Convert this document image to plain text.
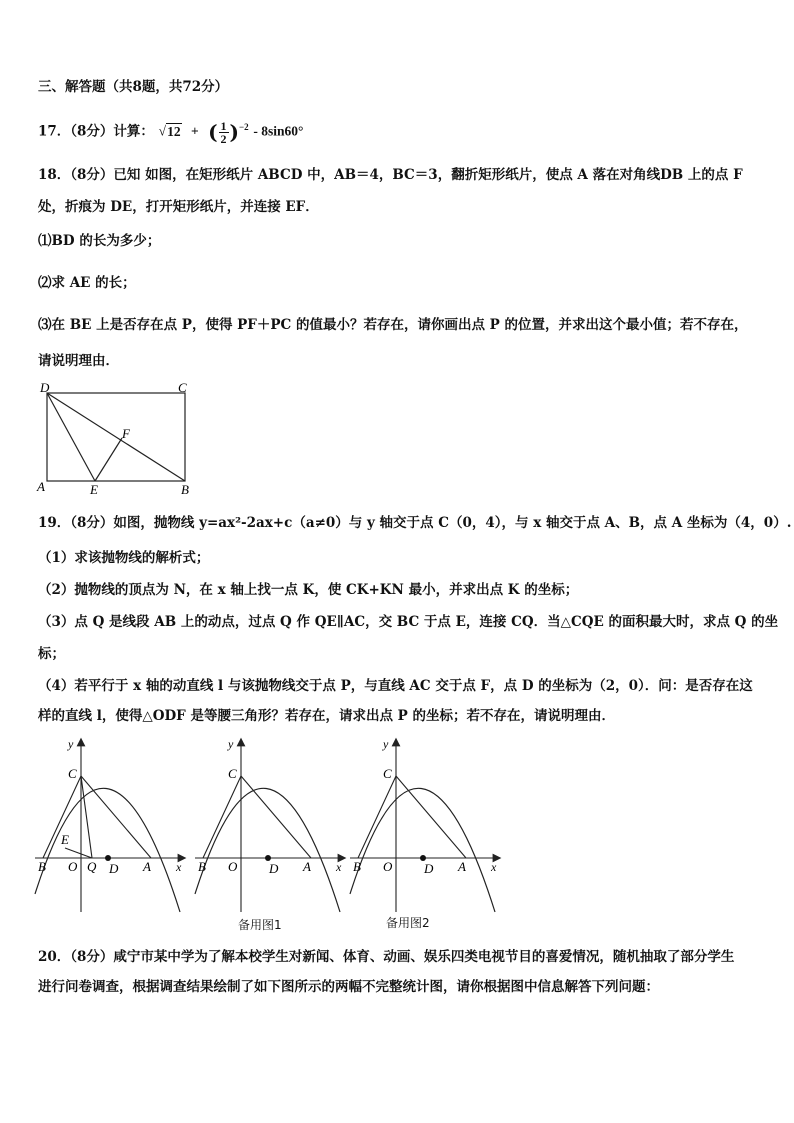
三、解答题（共8题，共72分）
17．（8分）计算： √12 + ( $\frac{1}{2} )^{-2} - 8\sin 60^\circ$
18．（8分）已知 如图，在矩形纸片 ABCD 中，AB＝4，BC＝3，翻折矩形纸片，使点 A 落在对角线DB 上的点 F
处，折痕为 DE，打开矩形纸片，并连接 EF．
⑴BD 的长为多少；
⑵求 AE 的长；
⑶在 BE 上是否存在点 P，使得 PF＋PC 的值最小？若存在，请你画出点 P 的位置，并求出这个最小值；若不存在，
请说明理由．
D	C
F
A	E	B
19．（8分）如图，抛物线 y=ax²-2ax+c（a≠0）与 y 轴交于点 C（0，4），与 x 轴交于点 A、B，点 A 坐标为（4，0）.
（1）求该抛物线的解析式；
（2）抛物线的顶点为 N，在 x 轴上找一点 K，使 CK+KN 最小，并求出点 K 的坐标；
（3）点 Q 是线段 AB 上的动点，过点 Q 作 QE∥AC，交 BC 于点 E，连接 CQ．当△CQE 的面积最大时，求点 Q 的坐
标；
（4）若平行于 x 轴的动直线 l 与该抛物线交于点 P，与直线 AC 交于点 F，点 D 的坐标为（2，0）．问：是否存在这
样的直线 l，使得△ODF 是等腰三角形？若存在，请求出点 P 的坐标；若不存在，请说明理由．
y
x
C
E
B O Q D A
y
x
C
B O D A
备用图1
y
x
C
B O D A
备用图2
20．（8分）咸宁市某中学为了解本校学生对新闻、体育、动画、娱乐四类电视节目的喜爱情况，随机抽取了部分学生
进行问卷调查，根据调查结果绘制了如下图所示的两幅不完整统计图，请你根据图中信息解答下列问题：
